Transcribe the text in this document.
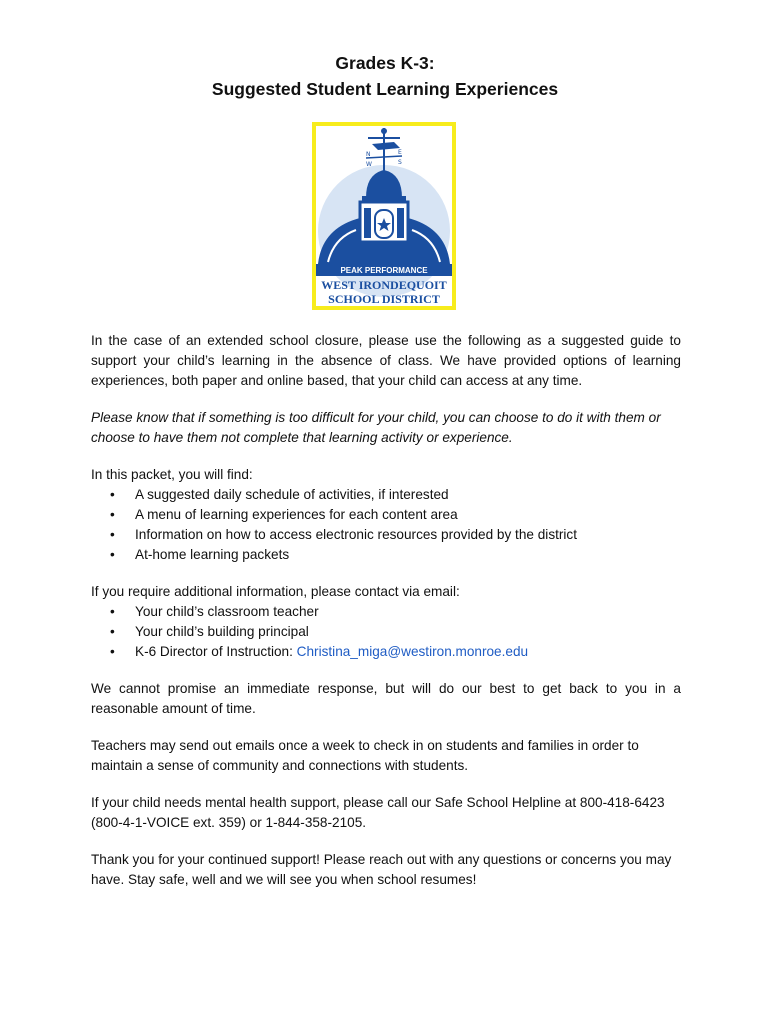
Grades K-3:
Suggested Student Learning Experiences
N	E
W	S
PEAK PERFORMANCE
WEST IRONDEQUOIT
SCHOOL DISTRICT

In the case of an extended school closure, please use the following as a suggested guide to support your child’s learning in the absence of class. We have provided options of learning experiences, both paper and online based, that your child can access at any time.

Please know that if something is too difficult for your child, you can choose to do it with them or choose to have them not complete that learning activity or experience.

In this packet, you will find:
• A suggested daily schedule of activities, if interested
• A menu of learning experiences for each content area
• Information on how to access electronic resources provided by the district
• At-home learning packets
If you require additional information, please contact via email:
• Your child’s classroom teacher
• Your child’s building principal
• K-6 Director of Instruction: Christina_miga@westiron.monroe.edu

We cannot promise an immediate response, but will do our best to get back to you in a reasonable amount of time.

Teachers may send out emails once a week to check in on students and families in order to maintain a sense of community and connections with students.

If your child needs mental health support, please call our Safe School Helpline at 800-418-6423 (800-4-1-VOICE ext. 359) or 1-844-358-2105.

Thank you for your continued support! Please reach out with any questions or concerns you may have. Stay safe, well and we will see you when school resumes!
